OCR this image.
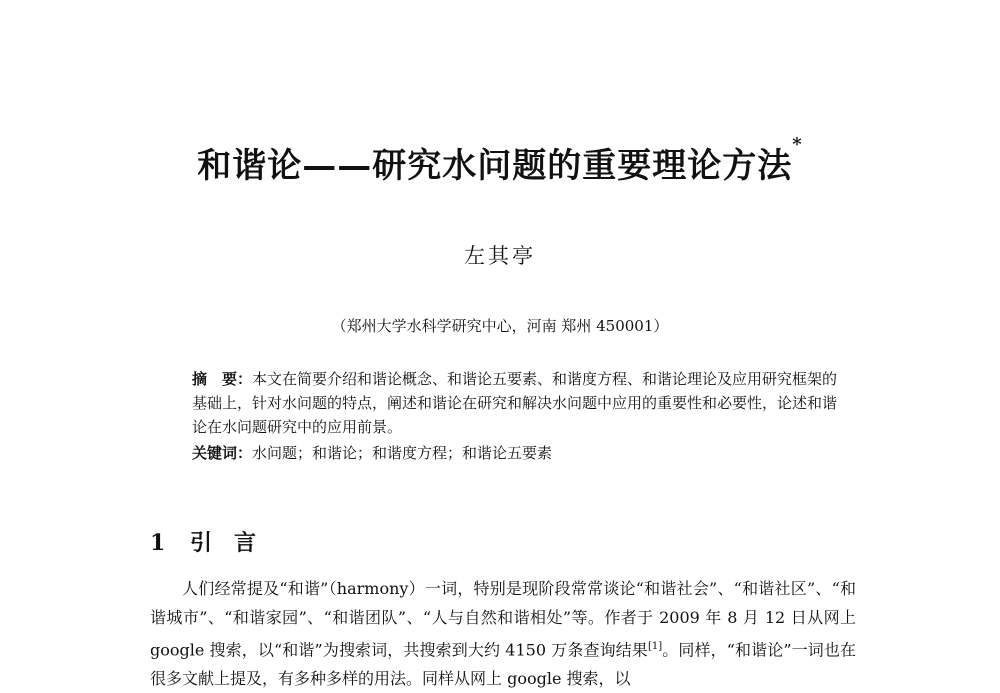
和谐论——研究水问题的重要理论方法*
左其亭
（郑州大学水科学研究中心，河南 郑州 450001）
摘　要：本文在简要介绍和谐论概念、和谐论五要素、和谐度方程、和谐论理论及应用研究框架的基础上，针对水问题的特点，阐述和谐论在研究和解决水问题中应用的重要性和必要性，论述和谐论在水问题研究中的应用前景。
关键词：水问题；和谐论；和谐度方程；和谐论五要素
1 引言
人们经常提及“和谐”（harmony）一词，特别是现阶段常常谈论“和谐社会”、“和谐社区”、“和谐城市”、“和谐家园”、“和谐团队”、“人与自然和谐相处”等。作者于 2009 年 8 月 12 日从网上 google 搜索，以“和谐”为搜索词，共搜索到大约 4150 万条查询结果[1]。同样，“和谐论”一词也在很多文献上提及，有多种多样的用法。同样从网上 google 搜索，以
